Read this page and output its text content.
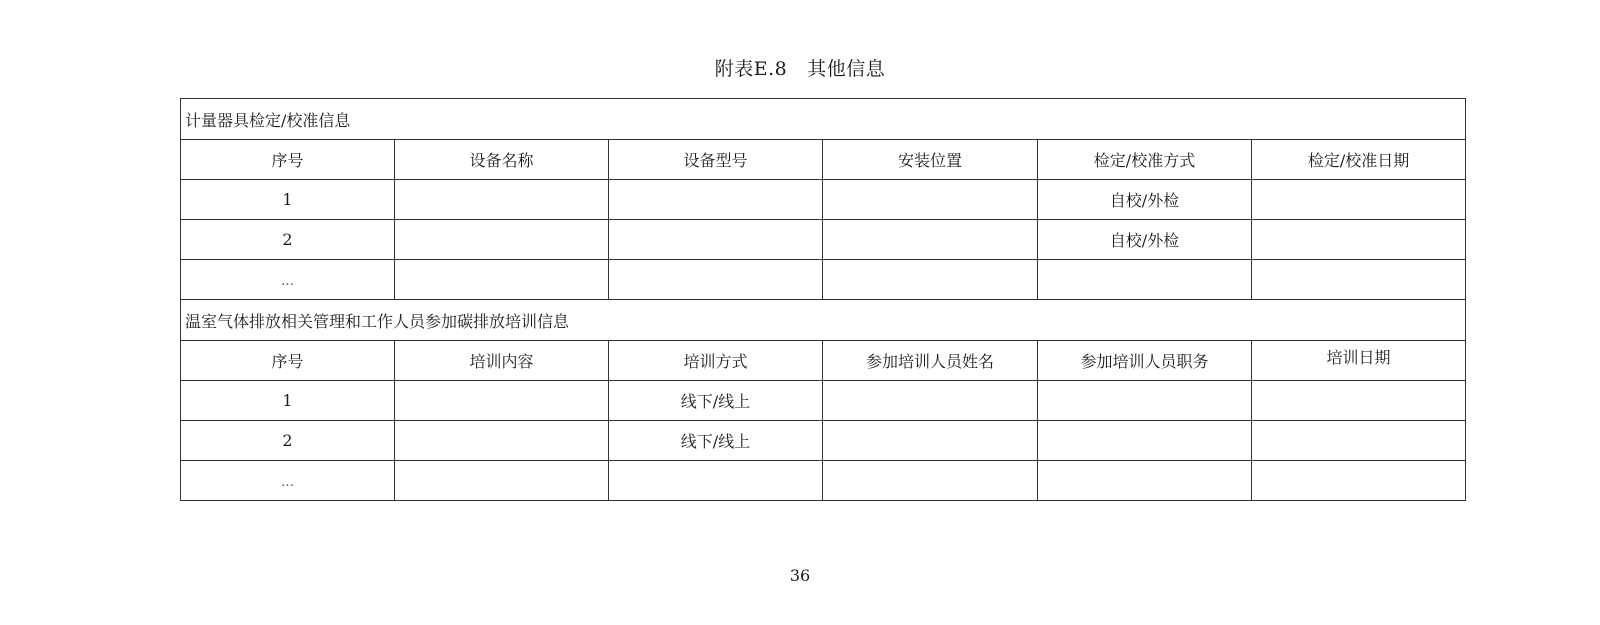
附表E.8 其他信息
计量器具检定/校准信息					
序号	设备名称	设备型号	安装位置	检定/校准方式	检定/校准日期
1				自校/外检	
2				自校/外检	
…					
温室气体排放相关管理和工作人员参加碳排放培训信息					
序号	培训内容	培训方式	参加培训人员姓名	参加培训人员职务	培训日期
1		线下/线上			
2		线下/线上			
…					
36
